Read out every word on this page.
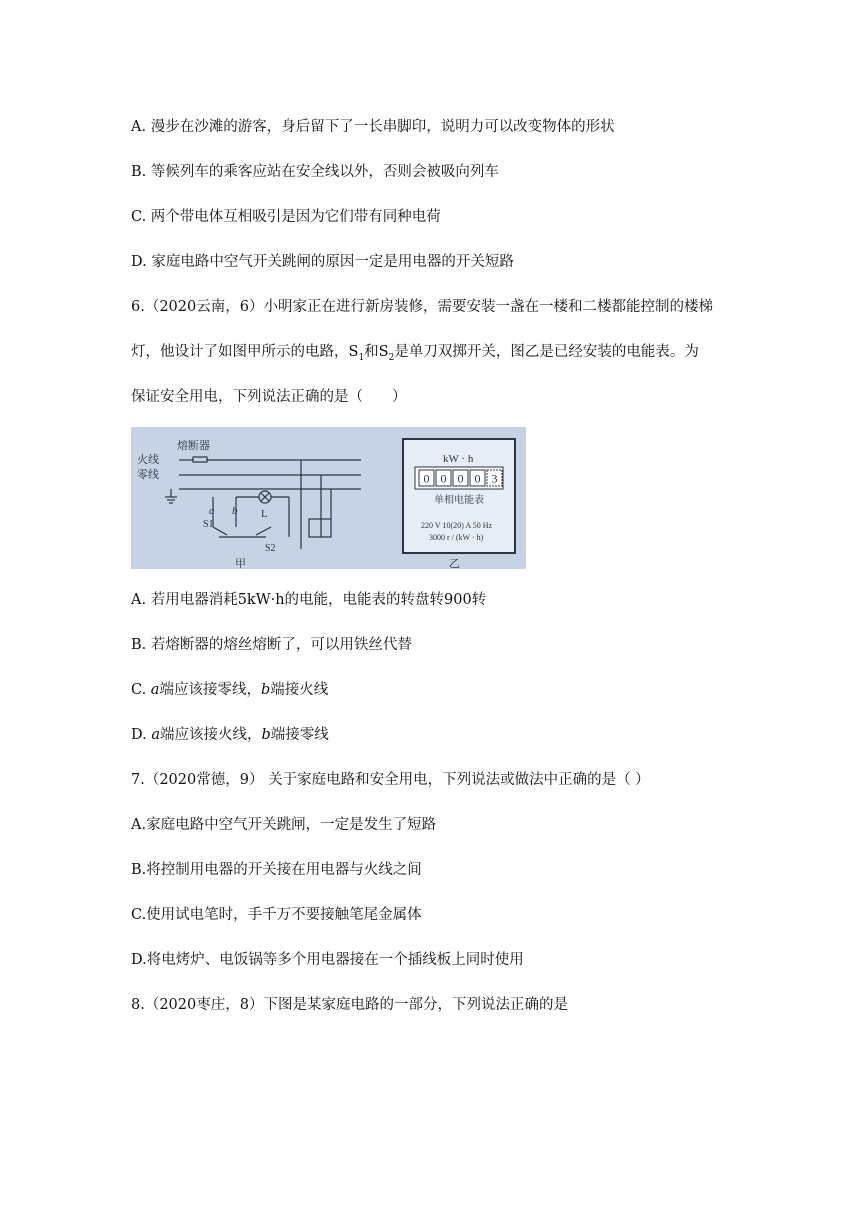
A. 漫步在沙滩的游客，身后留下了一长串脚印，说明力可以改变物体的形状
B. 等候列车的乘客应站在安全线以外，否则会被吸向列车
C. 两个带电体互相吸引是因为它们带有同种电荷
D. 家庭电路中空气开关跳闸的原因一定是用电器的开关短路
6.（2020云南，6）小明家正在进行新房装修，需要安装一盏在一楼和二楼都能控制的楼梯
灯，他设计了如图甲所示的电路，$S_1$和$S_2$是单刀双掷开关，图乙是已经安装的电能表。为
保证安全用电，下列说法正确的是（　　）
0 0 0 0 3
熔断器
火线
零线
a b L
S1
S2
甲	乙
kW · h
单相电能表
220 V 10(20) A 50 Hz
3000 r / (kW · h)
A. 若用电器消耗5kW·h的电能，电能表的转盘转900转
B. 若熔断器的熔丝熔断了，可以用铁丝代替
C. a端应该接零线，b端接火线
D. a端应该接火线，b端接零线
7.（2020常德，9） 关于家庭电路和安全用电，下列说法或做法中正确的是（ ）
A.家庭电路中空气开关跳闸，一定是发生了短路
B.将控制用电器的开关接在用电器与火线之间
C.使用试电笔时，手千万不要接触笔尾金属体
D.将电烤炉、电饭锅等多个用电器接在一个插线板上同时使用
8.（2020枣庄，8）下图是某家庭电路的一部分，下列说法正确的是
